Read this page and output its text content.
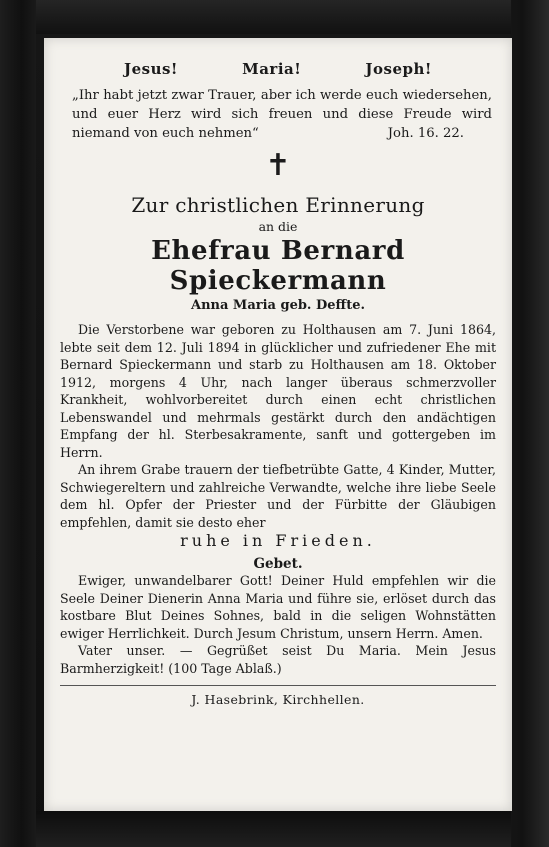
Jesus!	Maria!	Joseph!
„Ihr habt jetzt zwar Trauer, aber ich werde euch wiedersehen, und euer Herz wird sich freuen und diese Freude wird niemand von euch nehmen“	Joh. 16. 22.
✝
Zur christlichen Erinnerung
an die
Ehefrau Bernard Spieckermann
Anna Maria geb. Deffte.

Die Verstorbene war geboren zu Holthausen am 7. Juni 1864, lebte seit dem 12. Juli 1894 in glücklicher und zufriedener Ehe mit Bernard Spieckermann und starb zu Holthausen am 18. Oktober 1912, morgens 4 Uhr, nach langer überaus schmerzvoller Krankheit, wohlvorbereitet durch einen echt christlichen Lebenswandel und mehrmals gestärkt durch den andächtigen Empfang der hl. Sterbesakramente, sanft und gottergeben im Herrn.

An ihrem Grabe trauern der tiefbetrübte Gatte, 4 Kinder, Mutter, Schwiegereltern und zahlreiche Verwandte, welche ihre liebe Seele dem hl. Opfer der Priester und der Fürbitte der Gläubigen empfehlen, damit sie desto eher

ruhe in Frieden.
Gebet.

Ewiger, unwandelbarer Gott! Deiner Huld empfehlen wir die Seele Deiner Dienerin Anna Maria und führe sie, erlöset durch das kostbare Blut Deines Sohnes, bald in die seligen Wohnstätten ewiger Herrlichkeit. Durch Jesum Christum, unsern Herrn. Amen.

Vater unser. — Gegrüßet seist Du Maria. Mein Jesus Barmherzigkeit! (100 Tage Ablaß.)

J. Hasebrink, Kirchhellen.
